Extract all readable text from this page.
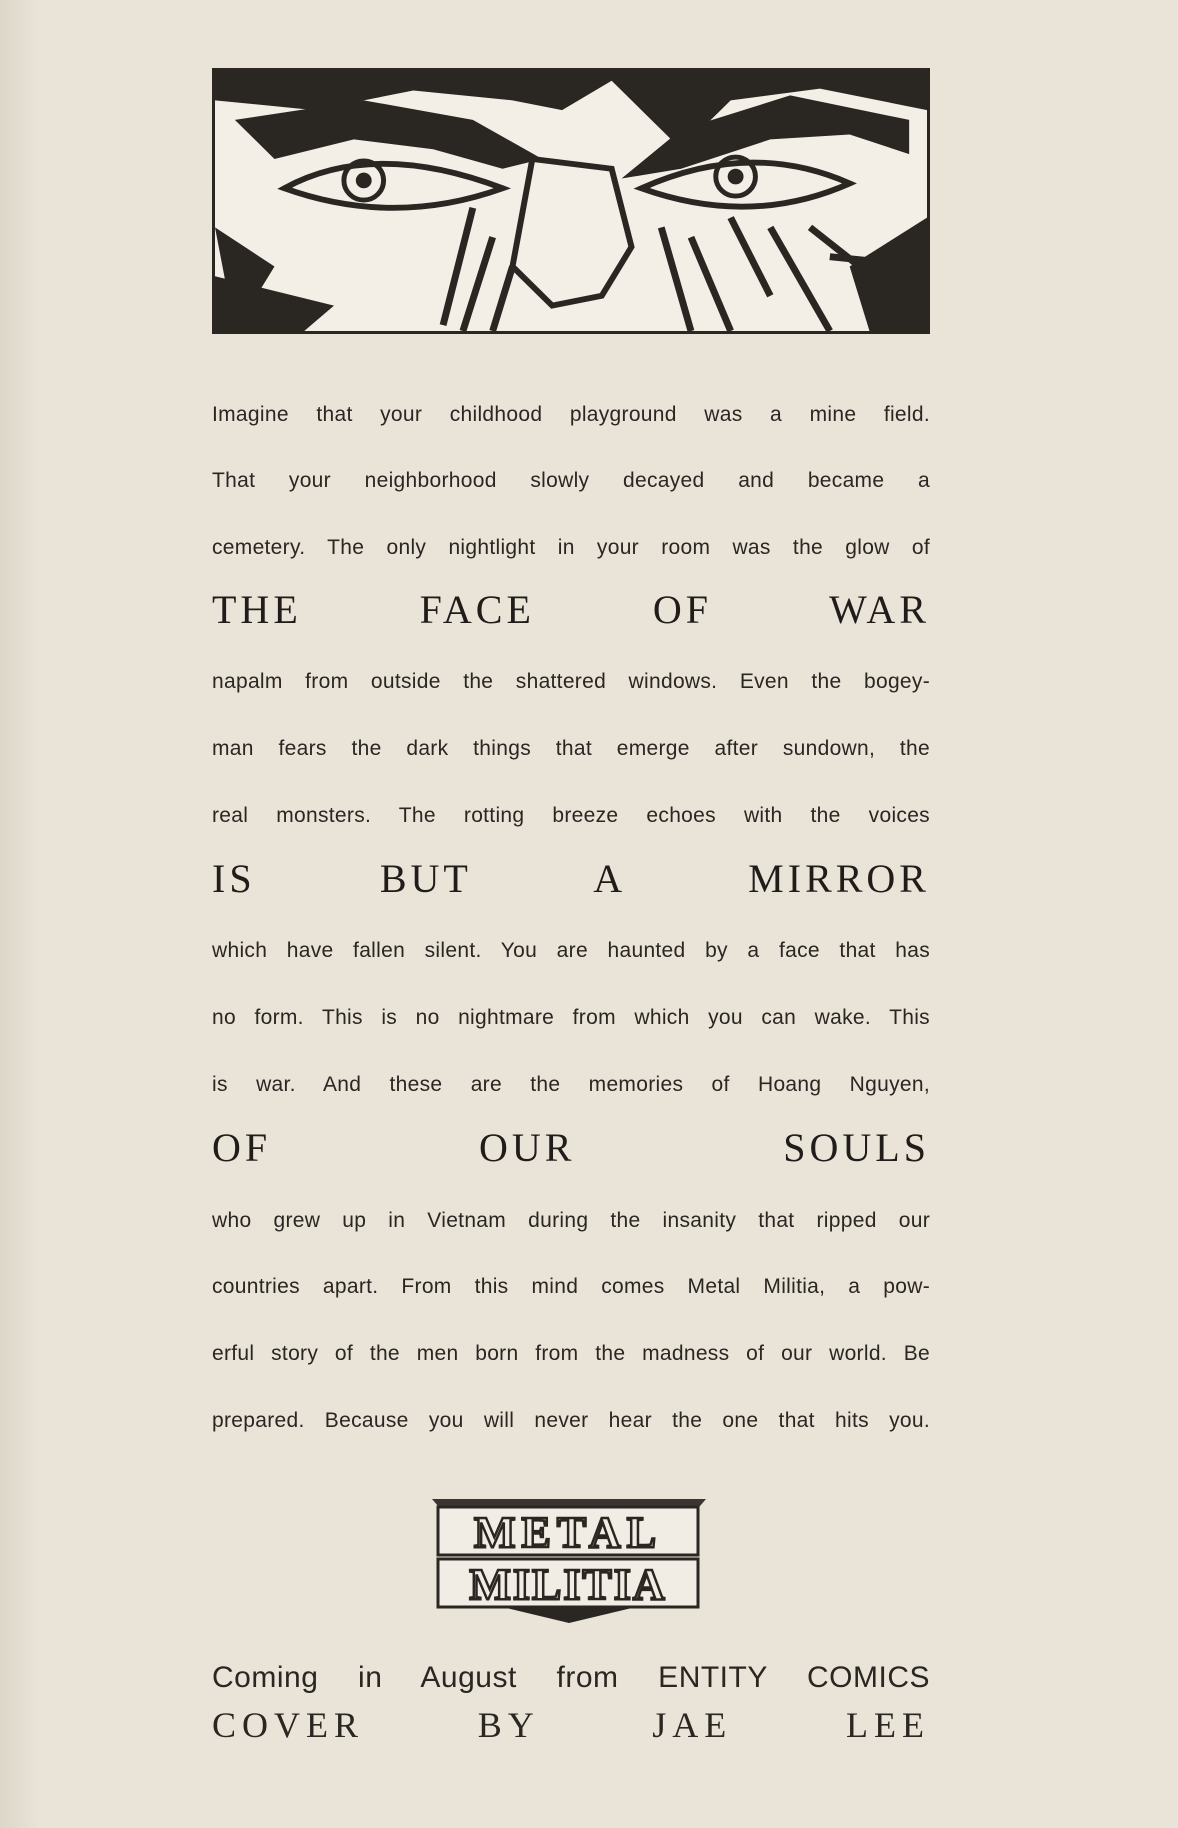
Imagine that your childhood playground was a mine field.
That your neighborhood slowly decayed and became a
cemetery. The only nightlight in your room was the glow of
THE FACE OF WAR
napalm from outside the shattered windows. Even the bogey-
man fears the dark things that emerge after sundown, the
real monsters. The rotting breeze echoes with the voices
IS BUT A MIRROR
which have fallen silent. You are haunted by a face that has
no form. This is no nightmare from which you can wake. This
is war. And these are the memories of Hoang Nguyen,
OF OUR SOULS
who grew up in Vietnam during the insanity that ripped our
countries apart. From this mind comes Metal Militia, a pow-
erful story of the men born from the madness of our world. Be
prepared. Because you will never hear the one that hits you.
METAL
MILITIA
Coming in August from ENTITY COMICS
COVER BY JAE LEE
